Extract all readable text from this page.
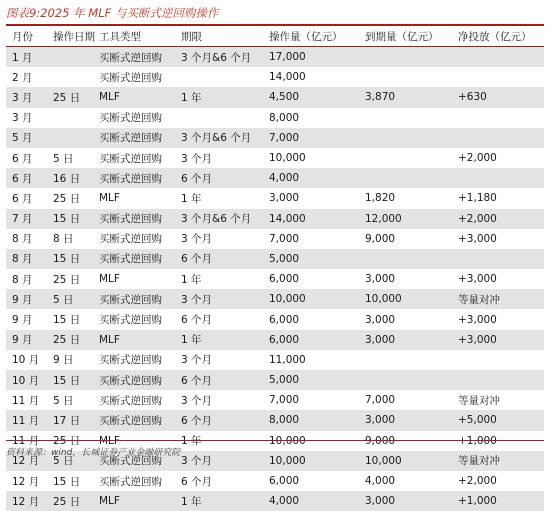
图表9:2025 年 MLF 与买断式逆回购操作
月份	操作日期	工具类型	期限	操作量（亿元）	到期量（亿元）	净投放（亿元）
1 月		买断式逆回购	3 个月&6 个月	17,000		
2 月		买断式逆回购		14,000		
3 月	25 日	MLF	1 年	4,500	3,870	+630
3 月		买断式逆回购		8,000		
5 月		买断式逆回购	3 个月&6 个月	7,000		
6 月	5 日	买断式逆回购	3 个月	10,000		+2,000
6 月	16 日	买断式逆回购	6 个月	4,000		
6 月	25 日	MLF	1 年	3,000	1,820	+1,180
7 月	15 日	买断式逆回购	3 个月&6 个月	14,000	12,000	+2,000
8 月	8 日	买断式逆回购	3 个月	7,000	9,000	+3,000
8 月	15 日	买断式逆回购	6 个月	5,000		
8 月	25 日	MLF	1 年	6,000	3,000	+3,000
9 月	5 日	买断式逆回购	3 个月	10,000	10,000	等量对冲
9 月	15 日	买断式逆回购	6 个月	6,000	3,000	+3,000
9 月	25 日	MLF	1 年	6,000	3,000	+3,000
10 月	9 日	买断式逆回购	3 个月	11,000		
10 月	15 日	买断式逆回购	6 个月	5,000		
11 月	5 日	买断式逆回购	3 个月	7,000	7,000	等量对冲
11 月	17 日	买断式逆回购	6 个月	8,000	3,000	+5,000
11 月	25 日	MLF	1 年	10,000	9,000	+1,000
12 月	5 日	买断式逆回购	3 个月	10,000	10,000	等量对冲
12 月	15 日	买断式逆回购	6 个月	6,000	4,000	+2,000
12 月	25 日	MLF	1 年	4,000	3,000	+1,000
资料来源：wind，长城证券产业金融研究院
